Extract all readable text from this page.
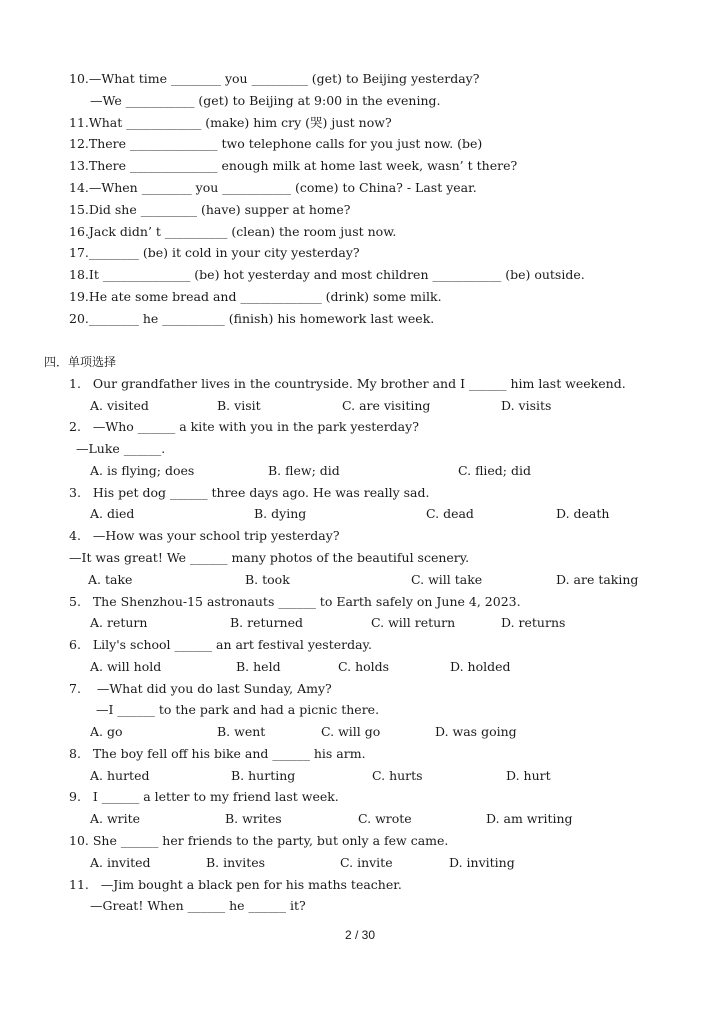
10.—What time ________ you _________ (get) to Beijing yesterday?
—We ___________ (get) to Beijing at 9:00 in the evening.
11.What ____________ (make) him cry (哭) just now?
12.There ______________ two telephone calls for you just now. (be)
13.There ______________ enough milk at home last week, wasn’ t there?
14.—When ________ you ___________ (come) to China? - Last year.
15.Did she _________ (have) supper at home?
16.Jack didn’ t __________ (clean) the room just now.
17.________ (be) it cold in your city yesterday?
18.It ______________ (be) hot yesterday and most children ___________ (be) outside.
19.He ate some bread and _____________ (drink) some milk.
20.________ he __________ (finish) his homework last week.
四．单项选择
1.   Our grandfather lives in the countryside. My brother and I ______ him last weekend.
A. visited	B. visit	C. are visiting	D. visits
2.   —Who ______ a kite with you in the park yesterday?
—Luke ______.
A. is flying; does	B. flew; did	C. flied; did
3.   His pet dog ______ three days ago. He was really sad.
A. died	B. dying	C. dead	D. death
4.   —How was your school trip yesterday?
—It was great! We ______ many photos of the beautiful scenery.
A. take	B. took	C. will take	D. are taking
5.   The Shenzhou-15 astronauts ______ to Earth safely on June 4, 2023.
A. return	B. returned	C. will return	D. returns
6.   Lily's school ______ an art festival yesterday.
A. will hold	B. held	C. holds	D. holded
7.    —What did you do last Sunday, Amy?
—I ______ to the park and had a picnic there.
A. go	B. went	C. will go	D. was going
8.   The boy fell off his bike and ______ his arm.
A. hurted	B. hurting	C. hurts	D. hurt
9.   I ______ a letter to my friend last week.
A. write	B. writes	C. wrote	D. am writing
10. She ______ her friends to the party, but only a few came.
A. invited	B. invites	C. invite	D. inviting
11.   —Jim bought a black pen for his maths teacher.
—Great! When ______ he ______ it?
2 / 30
